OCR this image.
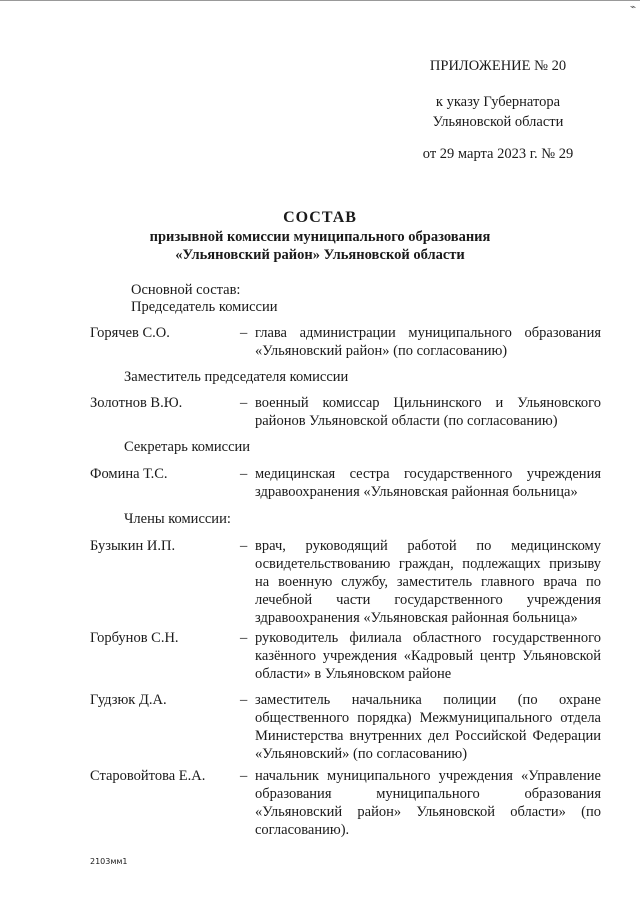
⌁
ПРИЛОЖЕНИЕ № 20
к указу Губернатора
Ульяновской области
от 29 марта 2023 г. № 29
СОСТАВ
призывной комиссии муниципального образования
«Ульяновский район» Ульяновской области
Основной состав:
Председатель комиссии
Горячев С.О.	– глава администрации муниципального образования «Ульяновский район» (по согласованию)
Заместитель председателя комиссии
Золотнов В.Ю.	– военный комиссар Цильнинского и Ульяновского районов Ульяновской области (по согласованию)
Секретарь комиссии
Фомина Т.С.	– медицинская сестра государственного учреждения здравоохранения «Ульяновская районная больница»
Члены комиссии:
Бузыкин И.П.	– врач, руководящий работой по медицинскому освидетельствованию граждан, подлежащих призыву на военную службу, заместитель главного врача по лечебной части государственного учреждения здравоохранения «Ульяновская районная больница»
Горбунов С.Н.	– руководитель филиала областного государственного казённого учреждения «Кадровый центр Ульяновской области» в Ульяновском районе
Гудзюк Д.А.	– заместитель начальника полиции (по охране общественного порядка) Межмуниципального отдела Министерства внутренних дел Российской Федерации «Ульяновский» (по согласованию)
Старовойтова Е.А.	– начальник муниципального учреждения «Управление образования муниципального образования «Ульяновский район» Ульяновской области» (по согласованию).
2103мм1
